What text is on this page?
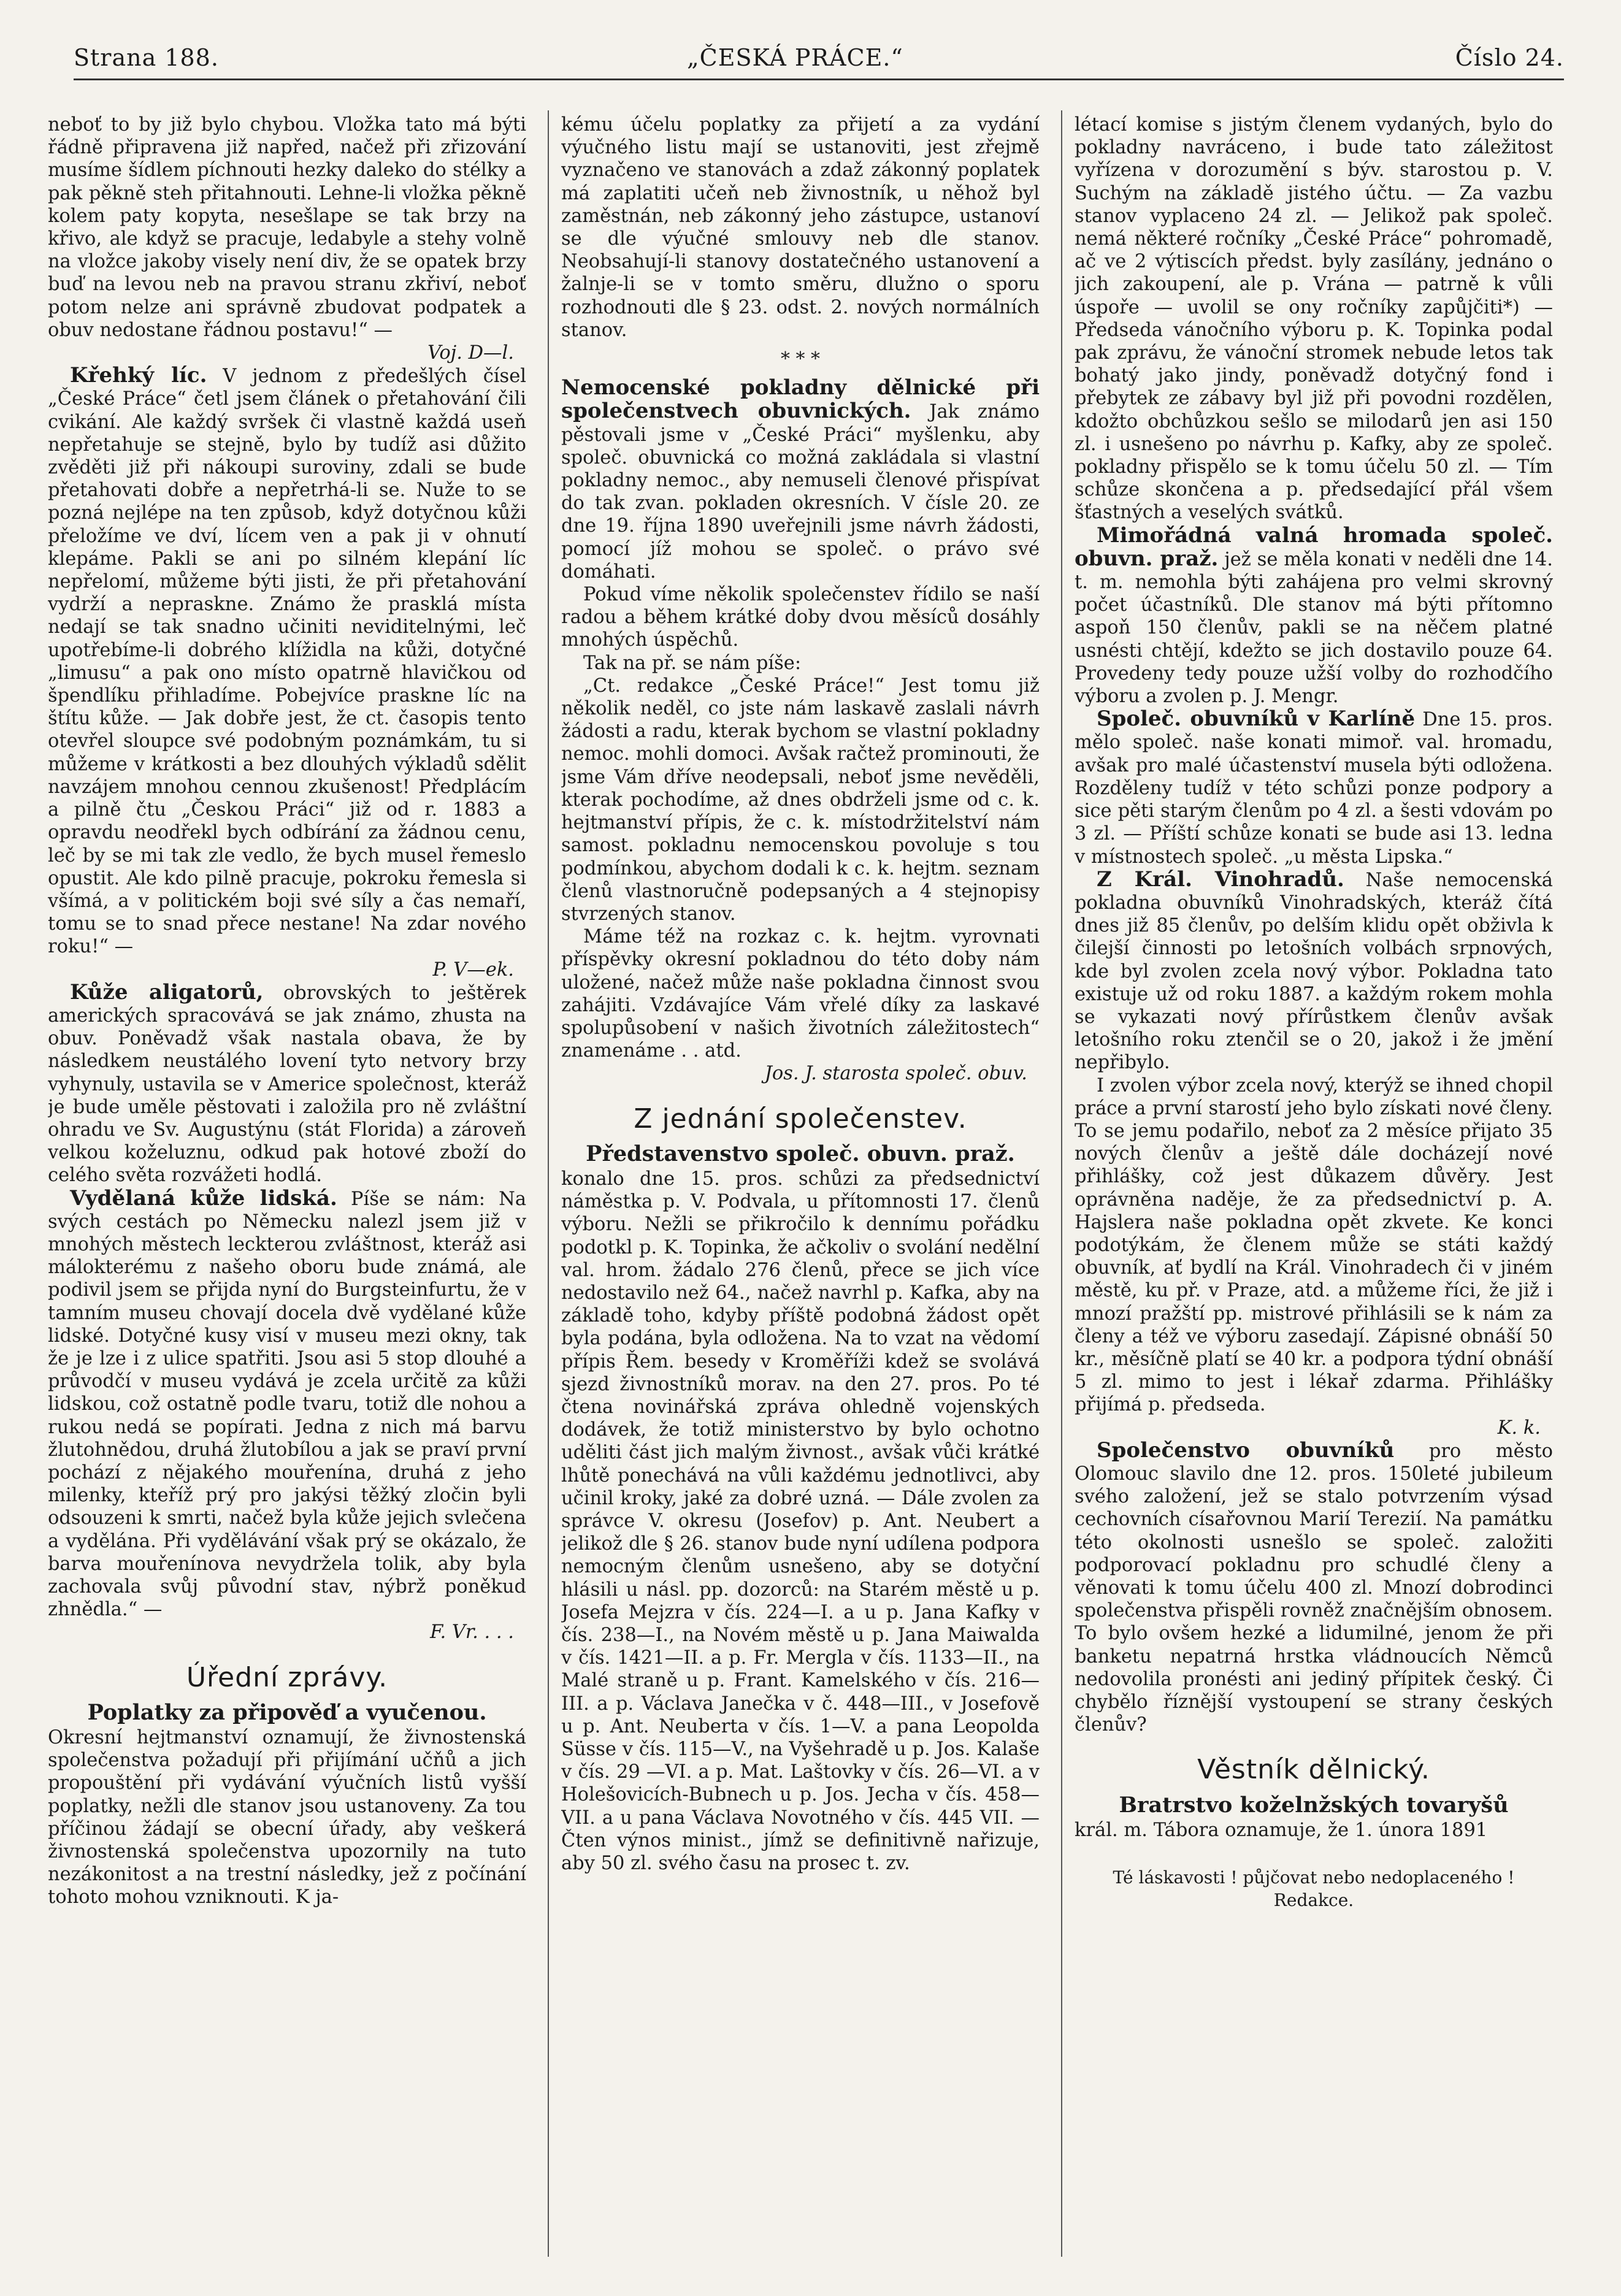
Strana 188.	„ČESKÁ PRÁCE.“	Číslo 24.

neboť to by již bylo chybou. Vložka tato má býti řádně připravena již napřed, načež při zřizování musíme šídlem píchnouti hezky daleko do stélky a pak pěkně steh přitahnouti. Lehne-li vložka pěkně kolem paty kopyta, nesešlape se tak brzy na křivo, ale když se pracuje, ledabyle a stehy volně na vložce jakoby visely není div, že se opatek brzy buď na levou neb na pravou stranu zkřiví, neboť potom nelze ani správně zbudovat podpatek a obuv nedostane řádnou postavu!“ —

Voj. D—l.

Křehký líc. V jednom z předešlých čísel „České Práce“ četl jsem článek o přetahování čili cvikání. Ale každý svršek či vlastně každá useň nepřetahuje se stejně, bylo by tudíž asi důžito zvěděti již při nákoupi suroviny, zdali se bude přetahovati dobře a nepřetrhá-li se. Nuže to se pozná nejlépe na ten způsob, když dotyčnou kůži přeložíme ve dví, lícem ven a pak ji v ohnutí klepáme. Pakli se ani po silném klepání líc nepřelomí, můžeme býti jisti, že při přetahování vydrží a nepraskne. Známo že prasklá místa nedají se tak snadno učiniti neviditelnými, leč upotřebíme-li dobrého klížidla na kůži, dotyčné „limusu“ a pak ono místo opatrně hlavičkou od špendlíku přihladíme. Pobejvíce praskne líc na štítu kůže. — Jak dobře jest, že ct. časopis tento otevřel sloupce své podobným poznámkám, tu si můžeme v krátkosti a bez dlouhých výkladů sdělit navzájem mnohou cennou zkušenost! Předplácím a pilně čtu „Českou Práci“ již od r. 1883 a opravdu neodřekl bych odbírání za žádnou cenu, leč by se mi tak zle vedlo, že bych musel řemeslo opustit. Ale kdo pilně pracuje, pokroku řemesla si všímá, a v politickém boji své síly a čas nemaří, tomu se to snad přece nestane! Na zdar nového roku!“ —

P. V—ek.

Kůže aligatorů, obrovských to ještěrek amerických spracovává se jak známo, zhusta na obuv. Poněvadž však nastala obava, že by následkem neustálého lovení tyto netvory brzy vyhynuly, ustavila se v Americe společnost, kteráž je bude uměle pěstovati i založila pro ně zvláštní ohradu ve Sv. Augustýnu (stát Florida) a zároveň velkou koželuznu, odkud pak hotové zboží do celého světa rozvážeti hodlá.

Vydělaná kůže lidská. Píše se nám: Na svých cestách po Německu nalezl jsem již v mnohých městech leckterou zvláštnost, kteráž asi málokterému z našeho oboru bude známá, ale podivil jsem se přijda nyní do Burgsteinfurtu, že v tamním museu chovají docela dvě vydělané kůže lidské. Dotyčné kusy visí v museu mezi okny, tak že je lze i z ulice spatřiti. Jsou asi 5 stop dlouhé a průvodčí v museu vydává je zcela určitě za kůži lidskou, což ostatně podle tvaru, totiž dle nohou a rukou nedá se popírati. Jedna z nich má barvu žlutohnědou, druhá žlutobílou a jak se praví první pochází z nějakého mouřenína, druhá z jeho milenky, kteříž prý pro jakýsi těžký zločin byli odsouzeni k smrti, načež byla kůže jejich svlečena a vydělána. Při vydělávání však prý se okázalo, že barva mouřenínova nevydržela tolik, aby byla zachovala svůj původní stav, nýbrž poněkud zhnědla.“ —

F. Vr. . . .
Úřední zprávy.
Poplatky za připověď a vyučenou.

Okresní hejtmanství oznamují, že živnostenská společenstva požadují při přijímání učňů a jich propouštění při vydávání výučních listů vyšší poplatky, nežli dle stanov jsou ustanoveny. Za tou příčinou žádají se obecní úřady, aby veškerá živnostenská společenstva upozornily na tuto nezákonitost a na trestní následky, jež z počínání tohoto mohou vzniknouti. K ja-

kému účelu poplatky za přijetí a za vydání výučného listu mají se ustanoviti, jest zřejmě vyznačeno ve stanovách a zdaž zákonný poplatek má zaplatiti učeň neb živnostník, u něhož byl zaměstnán, neb zákonný jeho zástupce, ustanoví se dle výučné smlouvy neb dle stanov. Neobsahují-li stanovy dostatečného ustanovení a žalnje-li se v tomto směru, dlužno o sporu rozhodnouti dle § 23. odst. 2. nových normálních stanov.

* * *

Nemocenské pokladny dělnické při společenstvech obuvnických. Jak známo pěstovali jsme v „České Práci“ myšlenku, aby společ. obuvnická co možná zakládala si vlastní pokladny nemoc., aby nemuseli členové přispívat do tak zvan. pokladen okresních. V čísle 20. ze dne 19. října 1890 uveřejnili jsme návrh žádosti, pomocí jíž mohou se společ. o právo své domáhati.

Pokud víme několik společenstev řídilo se naší radou a během krátké doby dvou měsíců dosáhly mnohých úspěchů.

Tak na př. se nám píše:

„Ct. redakce „České Práce!“ Jest tomu již několik neděl, co jste nám laskavě zaslali návrh žádosti a radu, kterak bychom se vlastní pokladny nemoc. mohli domoci. Avšak račtež prominouti, že jsme Vám dříve neodepsali, neboť jsme nevěděli, kterak pochodíme, až dnes obdrželi jsme od c. k. hejtmanství přípis, že c. k. místodržitelství nám samost. pokladnu nemocenskou povoluje s tou podmínkou, abychom dodali k c. k. hejtm. seznam členů vlastnoručně podepsaných a 4 stejnopisy stvrzených stanov.

Máme též na rozkaz c. k. hejtm. vyrovnati příspěvky okresní pokladnou do této doby nám uložené, načež může naše pokladna činnost svou zahájiti. Vzdávajíce Vám vřelé díky za laskavé spolupůsobení v našich životních záležitostech“ znamenáme . . atd.

Jos. J. starosta společ. obuv.
Z jednání společenstev.
Představenstvo společ. obuvn. praž.

konalo dne 15. pros. schůzi za předsednictví náměstka p. V. Podvala, u přítomnosti 17. členů výboru. Nežli se přikročilo k dennímu pořádku podotkl p. K. Topinka, že ačkoliv o svolání nedělní val. hrom. žádalo 276 členů, přece se jich více nedostavilo než 64., načež navrhl p. Kafka, aby na základě toho, kdyby příště podobná žádost opět byla podána, byla odložena. Na to vzat na vědomí přípis Řem. besedy v Kroměříži kdež se svolává sjezd živnostníků morav. na den 27. pros. Po té čtena novinářská zpráva ohledně vojenských dodávek, že totiž ministerstvo by bylo ochotno uděliti část jich malým živnost., avšak vůči krátké lhůtě ponechává na vůli každému jednotlivci, aby učinil kroky, jaké za dobré uzná. — Dále zvolen za správce V. okresu (Josefov) p. Ant. Neubert a jelikož dle § 26. stanov bude nyní udílena podpora nemocným členům usnešeno, aby se dotyční hlásili u násl. pp. dozorců: na Starém městě u p. Josefa Mejzra v čís. 224—I. a u p. Jana Kafky v čís. 238—I., na Novém městě u p. Jana Maiwalda v čís. 1421—II. a p. Fr. Mergla v čís. 1133—II., na Malé straně u p. Frant. Kamelského v čís. 216—III. a p. Václava Janečka v č. 448—III., v Josefově u p. Ant. Neuberta v čís. 1—V. a pana Leopolda Süsse v čís. 115—V., na Vyšehradě u p. Jos. Kalaše v čís. 29 —VI. a p. Mat. Laštovky v čís. 26—VI. a v Holešovicích-Bubnech u p. Jos. Jecha v čís. 458—VII. a u pana Václava Novotného v čís. 445 VII. — Čten výnos minist., jímž se definitivně nařizuje, aby 50 zl. svého času na prosec t. zv.

létací komise s jistým členem vydaných, bylo do pokladny navráceno, i bude tato záležitost vyřízena v dorozumění s býv. starostou p. V. Suchým na základě jistého účtu. — Za vazbu stanov vyplaceno 24 zl. — Jelikož pak společ. nemá některé ročníky „České Práce“ pohromadě, ač ve 2 výtiscích předst. byly zasílány, jednáno o jich zakoupení, ale p. Vrána — patrně k vůli úspoře — uvolil se ony ročníky zapůjčiti*) — Předseda vánočního výboru p. K. Topinka podal pak zprávu, že vánoční stromek nebude letos tak bohatý jako jindy, poněvadž dotyčný fond i přebytek ze zábavy byl již při povodni rozdělen, kdožto obchůzkou sešlo se milodarů jen asi 150 zl. i usnešeno po návrhu p. Kafky, aby ze společ. pokladny přispělo se k tomu účelu 50 zl. — Tím schůze skončena a p. předsedající přál všem šťastných a veselých svátků.

Mimořádná valná hromada společ. obuvn. praž. jež se měla konati v neděli dne 14. t. m. nemohla býti zahájena pro velmi skrovný počet účastníků. Dle stanov má býti přítomno aspoň 150 členův, pakli se na něčem platné usnésti chtějí, kdežto se jich dostavilo pouze 64. Provedeny tedy pouze užší volby do rozhodčího výboru a zvolen p. J. Mengr.

Společ. obuvníků v Karlíně Dne 15. pros. mělo společ. naše konati mimoř. val. hromadu, avšak pro malé účastenství musela býti odložena. Rozděleny tudíž v této schůzi ponze podpory a sice pěti starým členům po 4 zl. a šesti vdovám po 3 zl. — Příští schůze konati se bude asi 13. ledna v místnostech společ. „u města Lipska.“

Z Král. Vinohradů. Naše nemocenská pokladna obuvníků Vinohradských, kteráž čítá dnes již 85 členův, po delším klidu opět obživla k čilejší činnosti po letošních volbách srpnových, kde byl zvolen zcela nový výbor. Pokladna tato existuje už od roku 1887. a každým rokem mohla se vykazati nový přírůstkem členův avšak letošního roku ztenčil se o 20, jakož i že jmění nepřibylo.

I zvolen výbor zcela nový, kterýž se ihned chopil práce a první starostí jeho bylo získati nové členy. To se jemu podařilo, neboť za 2 měsíce přijato 35 nových členův a ještě dále docházejí nové přihlášky, což jest důkazem důvěry. Jest oprávněna naděje, že za předsednictví p. A. Hajslera naše pokladna opět zkvete. Ke konci podotýkám, že členem může se státi každý obuvník, ať bydlí na Král. Vinohradech či v jiném městě, ku př. v Praze, atd. a můžeme říci, že již i mnozí pražští pp. mistrové přihlásili se k nám za členy a též ve výboru zasedají. Zápisné obnáší 50 kr., měsíčně platí se 40 kr. a podpora týdní obnáší 5 zl. mimo to jest i lékař zdarma. Přihlášky přijímá p. předseda.

K. k.

Společenstvo obuvníků pro město Olomouc slavilo dne 12. pros. 150leté jubileum svého založení, jež se stalo potvrzením výsad cechovních císařovnou Marií Terezií. Na památku této okolnosti usnešlo se společ. založiti podporovací pokladnu pro schudlé členy a věnovati k tomu účelu 400 zl. Mnozí dobrodinci společenstva přispěli rovněž značnějším obnosem. To bylo ovšem hezké a lidumilné, jenom že při banketu nepatrná hrstka vládnoucích Němců nedovolila pronésti ani jediný přípitek český. Či chybělo říznější vystoupení se strany českých členův?

Věstník dělnický.
Bratrstvo koželnžských tovaryšů

král. m. Tábora oznamuje, že 1. února 1891

Té láskavosti ! půjčovat nebo nedoplaceného ! Redakce.
